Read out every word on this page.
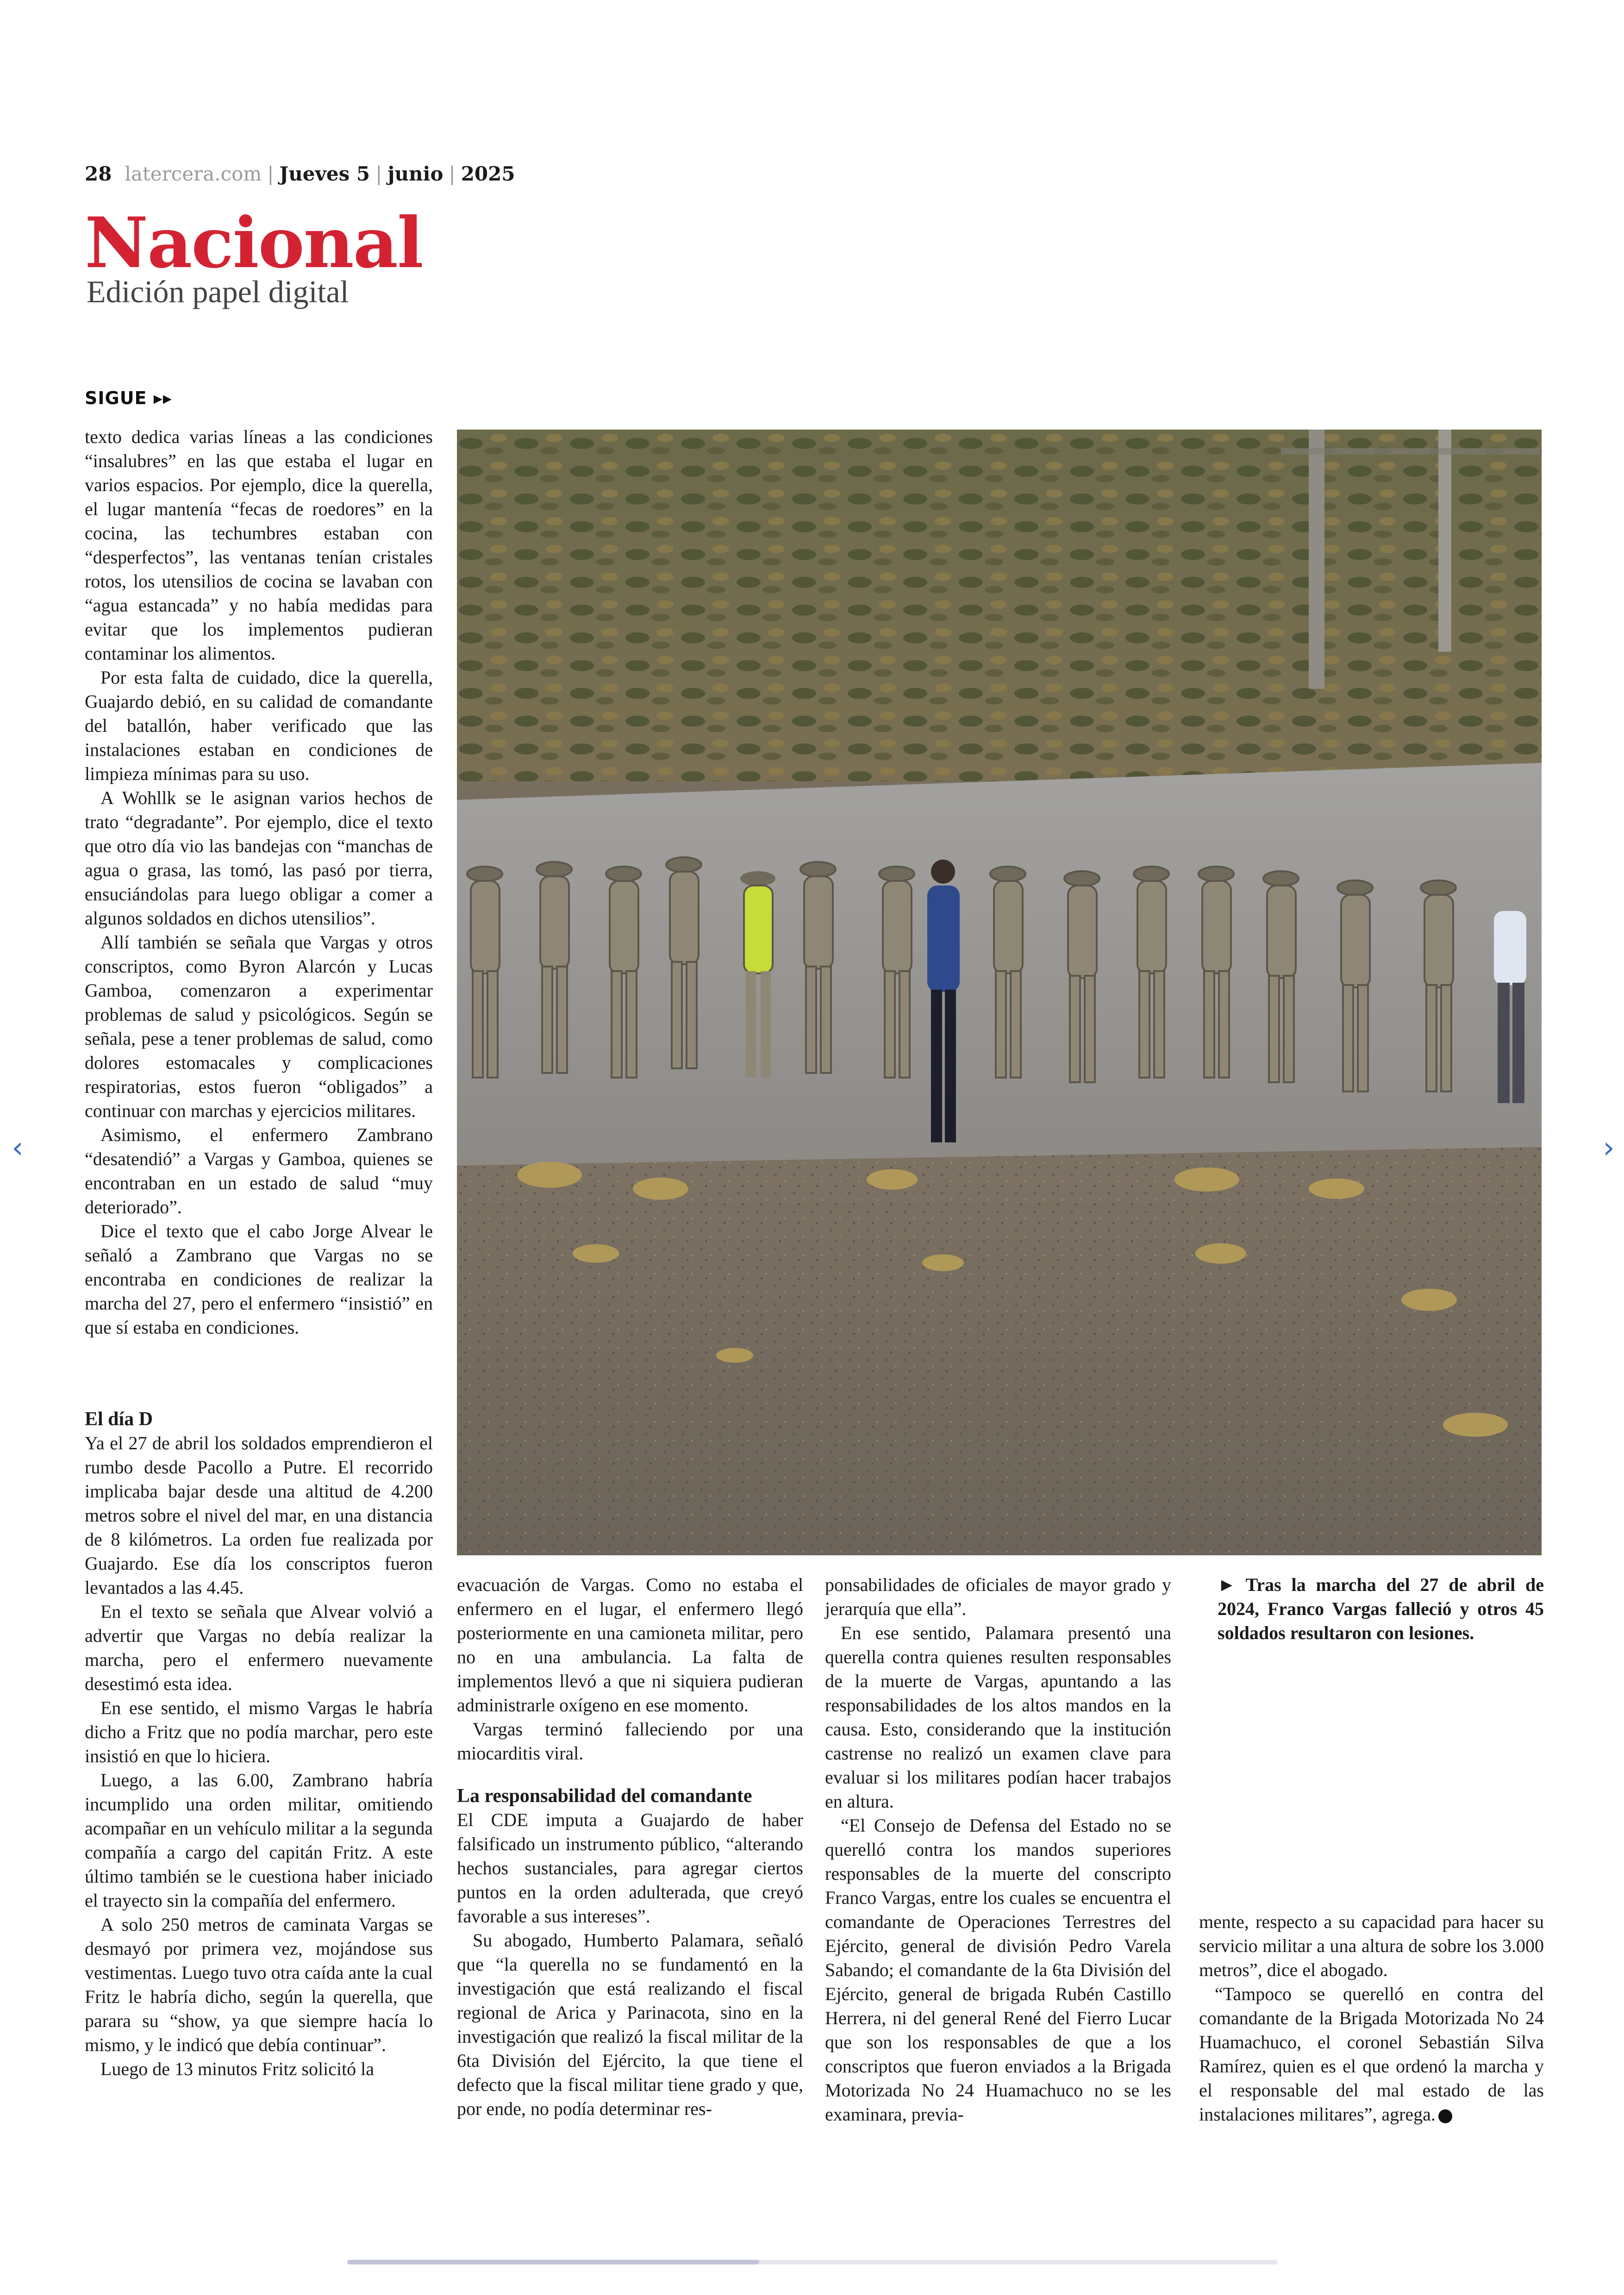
28 latercera.com | Jueves 5 | junio | 2025
Nacional
Edición papel digital
SIGUE ▸▸

texto dedica varias líneas a las condiciones “insalubres” en las que estaba el lugar en varios espacios. Por ejemplo, dice la querella, el lugar mantenía “fecas de roedores” en la cocina, las techumbres estaban con “desperfectos”, las ventanas tenían cristales rotos, los utensilios de cocina se lavaban con “agua estancada” y no había medidas para evitar que los implementos pudieran contaminar los alimentos.

Por esta falta de cuidado, dice la querella, Guajardo debió, en su calidad de comandante del batallón, haber verificado que las instalaciones estaban en condiciones de limpieza mínimas para su uso.

A Wohllk se le asignan varios hechos de trato “degradante”. Por ejemplo, dice el texto que otro día vio las bandejas con “manchas de agua o grasa, las tomó, las pasó por tierra, ensuciándolas para luego obligar a comer a algunos soldados en dichos utensilios”.

Allí también se señala que Vargas y otros conscriptos, como Byron Alarcón y Lucas Gamboa, comenzaron a experimentar problemas de salud y psicológicos. Según se señala, pese a tener problemas de salud, como dolores estomacales y complicaciones respiratorias, estos fueron “obligados” a continuar con marchas y ejercicios militares.

Asimismo, el enfermero Zambrano “desatendió” a Vargas y Gamboa, quienes se encontraban en un estado de salud “muy deteriorado”.

Dice el texto que el cabo Jorge Alvear le señaló a Zambrano que Vargas no se encontraba en condiciones de realizar la marcha del 27, pero el enfermero “insistió” en que sí estaba en condiciones.

El día D

Ya el 27 de abril los soldados emprendieron el rumbo desde Pacollo a Putre. El recorrido implicaba bajar desde una altitud de 4.200 metros sobre el nivel del mar, en una distancia de 8 kilómetros. La orden fue realizada por Guajardo. Ese día los conscriptos fueron levantados a las 4.45.

En el texto se señala que Alvear volvió a advertir que Vargas no debía realizar la marcha, pero el enfermero nuevamente desestimó esta idea.

En ese sentido, el mismo Vargas le habría dicho a Fritz que no podía marchar, pero este insistió en que lo hiciera.

Luego, a las 6.00, Zambrano habría incumplido una orden militar, omitiendo acompañar en un vehículo militar a la segunda compañía a cargo del capitán Fritz. A este último también se le cuestiona haber iniciado el trayecto sin la compañía del enfermero.

A solo 250 metros de caminata Vargas se desmayó por primera vez, mojándose sus vestimentas. Luego tuvo otra caída ante la cual Fritz le habría dicho, según la querella, que parara su “show, ya que siempre hacía lo mismo, y le indicó que debía continuar”.

Luego de 13 minutos Fritz solicitó la

evacuación de Vargas. Como no estaba el enfermero en el lugar, el enfermero llegó posteriormente en una camioneta militar, pero no en una ambulancia. La falta de implementos llevó a que ni siquiera pudieran administrarle oxígeno en ese momento.

Vargas terminó falleciendo por una miocarditis viral.

La responsabilidad del comandante

El CDE imputa a Guajardo de haber falsificado un instrumento público, “alterando hechos sustanciales, para agregar ciertos puntos en la orden adulterada, que creyó favorable a sus intereses”.

Su abogado, Humberto Palamara, señaló que “la querella no se fundamentó en la investigación que está realizando el fiscal regional de Arica y Parinacota, sino en la investigación que realizó la fiscal militar de la 6ta División del Ejército, la que tiene el defecto que la fiscal militar tiene grado y que, por ende, no podía determinar res-

ponsabilidades de oficiales de mayor grado y jerarquía que ella”.

En ese sentido, Palamara presentó una querella contra quienes resulten responsables de la muerte de Vargas, apuntando a las responsabilidades de los altos mandos en la causa. Esto, considerando que la institución castrense no realizó un examen clave para evaluar si los militares podían hacer trabajos en altura.

“El Consejo de Defensa del Estado no se querelló contra los mandos superiores responsables de la muerte del conscripto Franco Vargas, entre los cuales se encuentra el comandante de Operaciones Terrestres del Ejército, general de división Pedro Varela Sabando; el comandante de la 6ta División del Ejército, general de brigada Rubén Castillo Herrera, ni del general René del Fierro Lucar que son los responsables de que a los conscriptos que fueron enviados a la Brigada Motorizada No 24 Huamachuco no se les examinara, previa-

► Tras la marcha del 27 de abril de 2024, Franco Vargas falleció y otros 45 soldados resultaron con lesiones.

mente, respecto a su capacidad para hacer su servicio militar a una altura de sobre los 3.000 metros”, dice el abogado.

“Tampoco se querelló en contra del comandante de la Brigada Motorizada No 24 Huamachuco, el coronel Sebastián Silva Ramírez, quien es el que ordenó la marcha y el responsable del mal estado de las instalaciones militares”, agrega.

‹	›
